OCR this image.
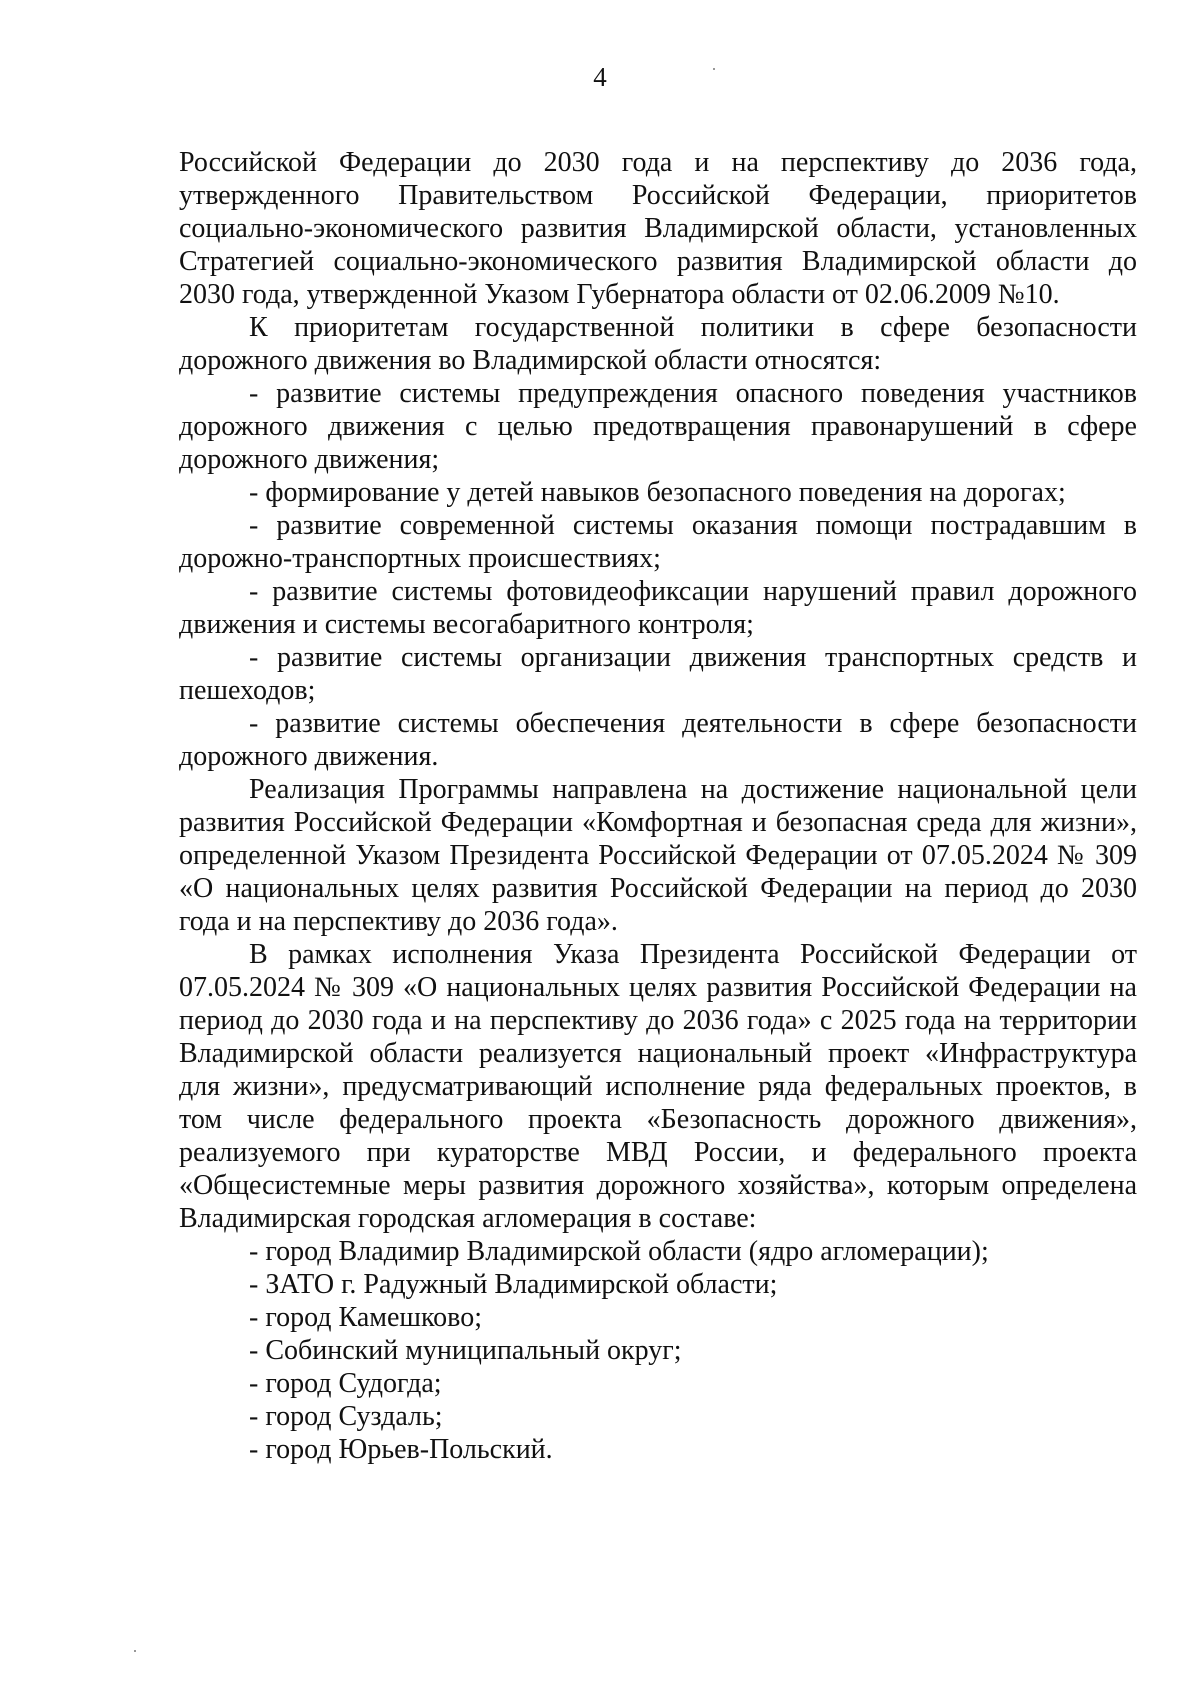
4

Российской Федерации до 2030 года и на перспективу до 2036 года, утвержденного Правительством Российской Федерации, приоритетов социально-экономического развития Владимирской области, установленных Стратегией социально-экономического развития Владимирской области до 2030 года, утвержденной Указом Губернатора области от 02.06.2009 №10.

К приоритетам государственной политики в сфере безопасности дорожного движения во Владимирской области относятся:

- развитие системы предупреждения опасного поведения участников дорожного движения с целью предотвращения правонарушений в сфере дорожного движения;

- формирование у детей навыков безопасного поведения на дорогах;

- развитие современной системы оказания помощи пострадавшим в дорожно-транспортных происшествиях;

- развитие системы фотовидеофиксации нарушений правил дорожного движения и системы весогабаритного контроля;

- развитие системы организации движения транспортных средств и пешеходов;

- развитие системы обеспечения деятельности в сфере безопасности дорожного движения.

Реализация Программы направлена на достижение национальной цели развития Российской Федерации «Комфортная и безопасная среда для жизни», определенной Указом Президента Российской Федерации от 07.05.2024 № 309 «О национальных целях развития Российской Федерации на период до 2030 года и на перспективу до 2036 года».

В рамках исполнения Указа Президента Российской Федерации от 07.05.2024 № 309 «О национальных целях развития Российской Федерации на период до 2030 года и на перспективу до 2036 года» с 2025 года на территории Владимирской области реализуется национальный проект «Инфраструктура для жизни», предусматривающий исполнение ряда федеральных проектов, в том числе федерального проекта «Безопасность дорожного движения», реализуемого при кураторстве МВД России, и федерального проекта «Общесистемные меры развития дорожного хозяйства», которым определена Владимирская городская агломерация в составе:

- город Владимир Владимирской области (ядро агломерации);

- ЗАТО г. Радужный Владимирской области;

- город Камешково;

- Собинский муниципальный округ;

- город Судогда;

- город Суздаль;

- город Юрьев-Польский.
